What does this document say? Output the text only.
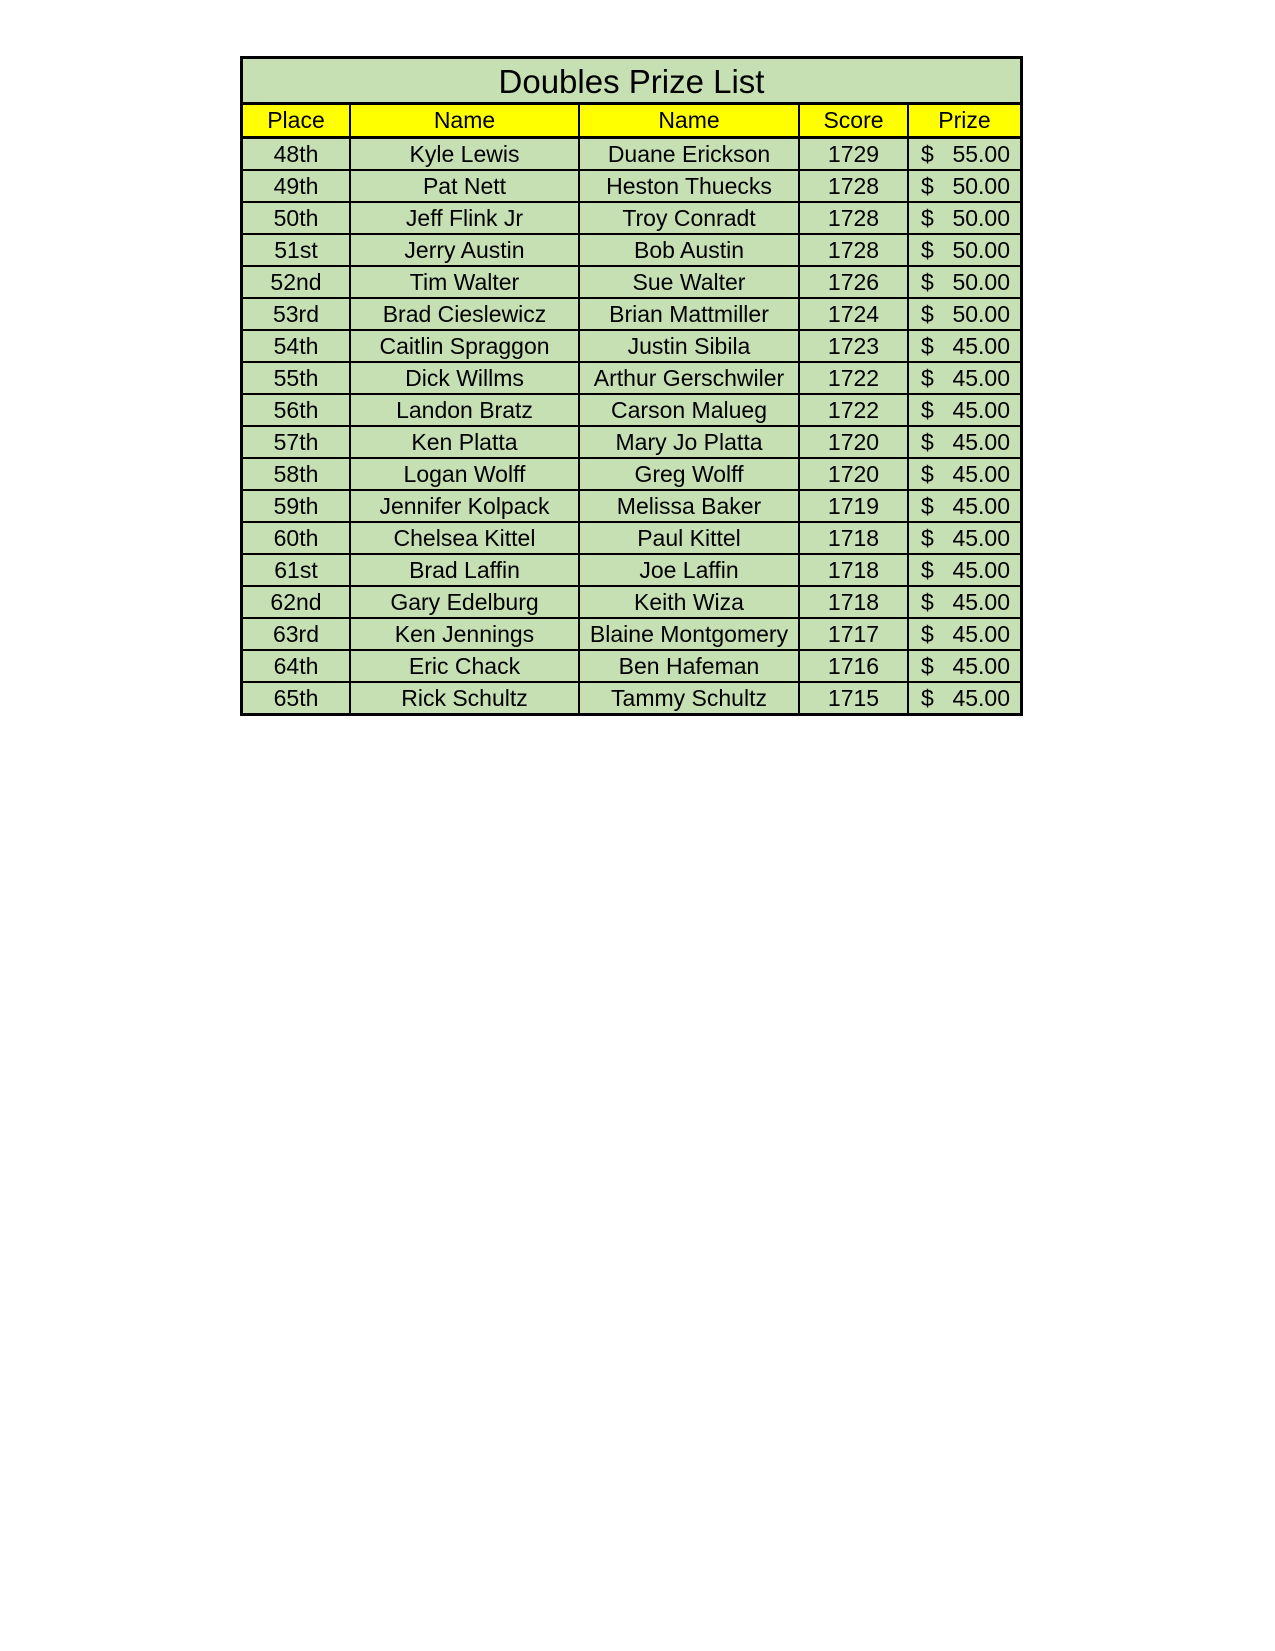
Doubles Prize List
Place	Name	Name	Score	Prize
48th	Kyle Lewis	Duane Erickson	1729	$ 55.00
49th	Pat Nett	Heston Thuecks	1728	$ 50.00
50th	Jeff Flink Jr	Troy Conradt	1728	$ 50.00
51st	Jerry Austin	Bob Austin	1728	$ 50.00
52nd	Tim Walter	Sue Walter	1726	$ 50.00
53rd	Brad Cieslewicz	Brian Mattmiller	1724	$ 50.00
54th	Caitlin Spraggon	Justin Sibila	1723	$ 45.00
55th	Dick Willms	Arthur Gerschwiler	1722	$ 45.00
56th	Landon Bratz	Carson Malueg	1722	$ 45.00
57th	Ken Platta	Mary Jo Platta	1720	$ 45.00
58th	Logan Wolff	Greg Wolff	1720	$ 45.00
59th	Jennifer Kolpack	Melissa Baker	1719	$ 45.00
60th	Chelsea Kittel	Paul Kittel	1718	$ 45.00
61st	Brad Laffin	Joe Laffin	1718	$ 45.00
62nd	Gary Edelburg	Keith Wiza	1718	$ 45.00
63rd	Ken Jennings	Blaine Montgomery	1717	$ 45.00
64th	Eric Chack	Ben Hafeman	1716	$ 45.00
65th	Rick Schultz	Tammy Schultz	1715	$ 45.00
